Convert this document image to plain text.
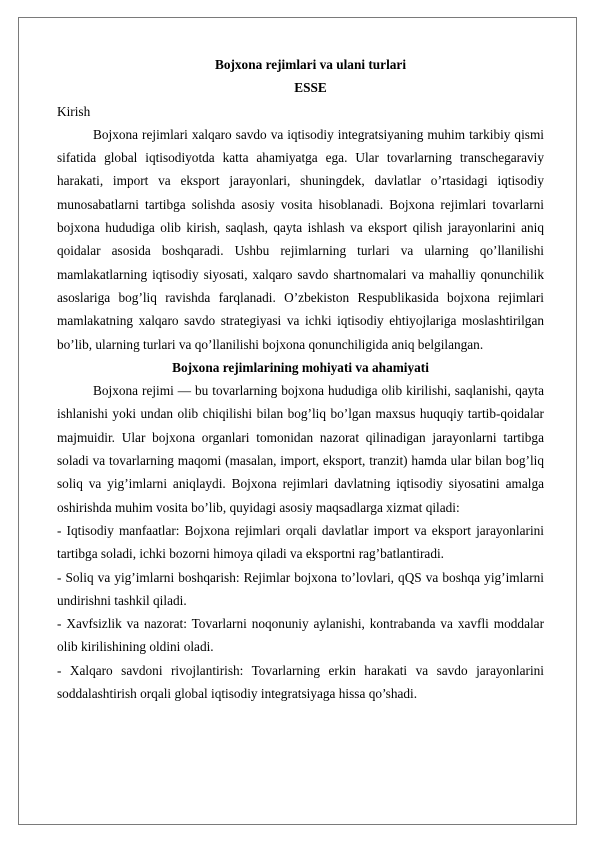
Bojxona rejimlari va ulani turlari
ESSE

Kirish

Bojxona rejimlari xalqaro savdo va iqtisodiy integratsiyaning muhim tarkibiy qismi sifatida global iqtisodiyotda katta ahamiyatga ega. Ular tovarlarning transchegaraviy harakati, import va eksport jarayonlari, shuningdek, davlatlar o’rtasidagi iqtisodiy munosabatlarni tartibga solishda asosiy vosita hisoblanadi. Bojxona rejimlari tovarlarni bojxona hududiga olib kirish, saqlash, qayta ishlash va eksport qilish jarayonlarini aniq qoidalar asosida boshqaradi. Ushbu rejimlarning turlari va ularning qo’llanilishi mamlakatlarning iqtisodiy siyosati, xalqaro savdo shartnomalari va mahalliy qonunchilik asoslariga bog’liq ravishda farqlanadi. O’zbekiston Respublikasida bojxona rejimlari mamlakatning xalqaro savdo strategiyasi va ichki iqtisodiy ehtiyojlariga moslashtirilgan bo’lib, ularning turlari va qo’llanilishi bojxona qonunchiligida aniq belgilangan.

Bojxona rejimlarining mohiyati va ahamiyati

Bojxona rejimi — bu tovarlarning bojxona hududiga olib kirilishi, saqlanishi, qayta ishlanishi yoki undan olib chiqilishi bilan bog’liq bo’lgan maxsus huquqiy tartib-qoidalar majmuidir. Ular bojxona organlari tomonidan nazorat qilinadigan jarayonlarni tartibga soladi va tovarlarning maqomi (masalan, import, eksport, tranzit) hamda ular bilan bog’liq soliq va yig’imlarni aniqlaydi. Bojxona rejimlari davlatning iqtisodiy siyosatini amalga oshirishda muhim vosita bo’lib, quyidagi asosiy maqsadlarga xizmat qiladi:

- Iqtisodiy manfaatlar: Bojxona rejimlari orqali davlatlar import va eksport jarayonlarini tartibga soladi, ichki bozorni himoya qiladi va eksportni rag’batlantiradi.

- Soliq va yig’imlarni boshqarish: Rejimlar bojxona to’lovlari, qQS va boshqa yig’imlarni undirishni tashkil qiladi.

- Xavfsizlik va nazorat: Tovarlarni noqonuniy aylanishi, kontrabanda va xavfli moddalar olib kirilishining oldini oladi.

- Xalqaro savdoni rivojlantirish: Tovarlarning erkin harakati va savdo jarayonlarini soddalashtirish orqali global iqtisodiy integratsiyaga hissa qo’shadi.
